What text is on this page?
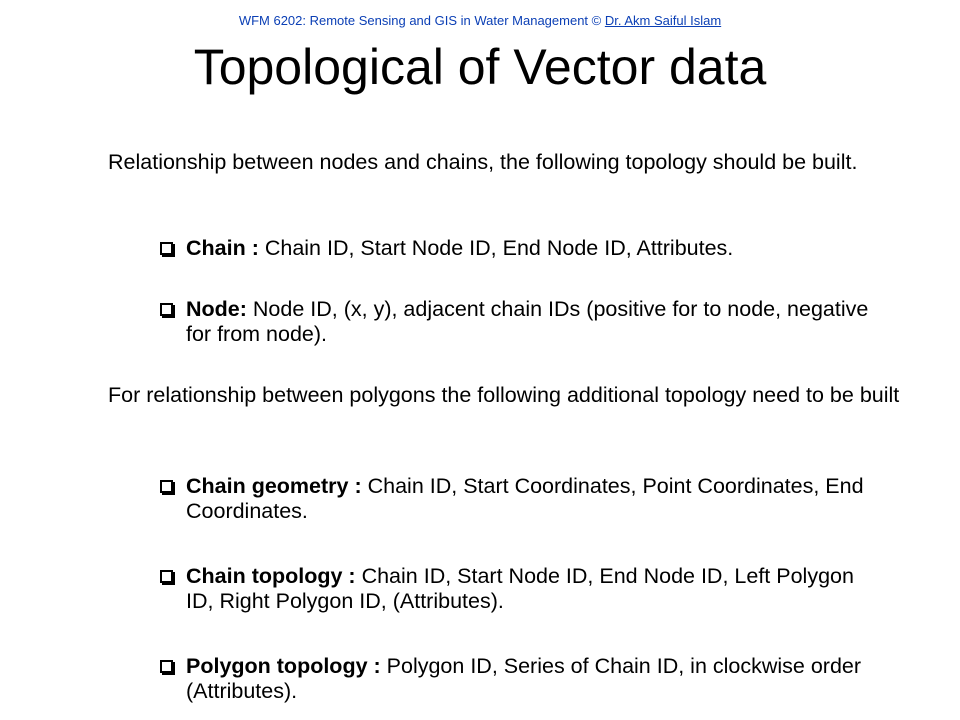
WFM 6202: Remote Sensing and GIS in Water Management © Dr. Akm Saiful Islam
Topological of Vector data

Relationship between nodes and chains, the following topology should be built.

Chain : Chain ID, Start Node ID, End Node ID, Attributes.

Node: Node ID, (x, y), adjacent chain IDs (positive for to node, negative for from node).

For relationship between polygons the following additional topology need to be built

Chain geometry : Chain ID, Start Coordinates, Point Coordinates, End Coordinates.

Chain topology : Chain ID, Start Node ID, End Node ID, Left Polygon ID, Right Polygon ID, (Attributes).

Polygon topology : Polygon ID, Series of Chain ID, in clockwise order (Attributes).
